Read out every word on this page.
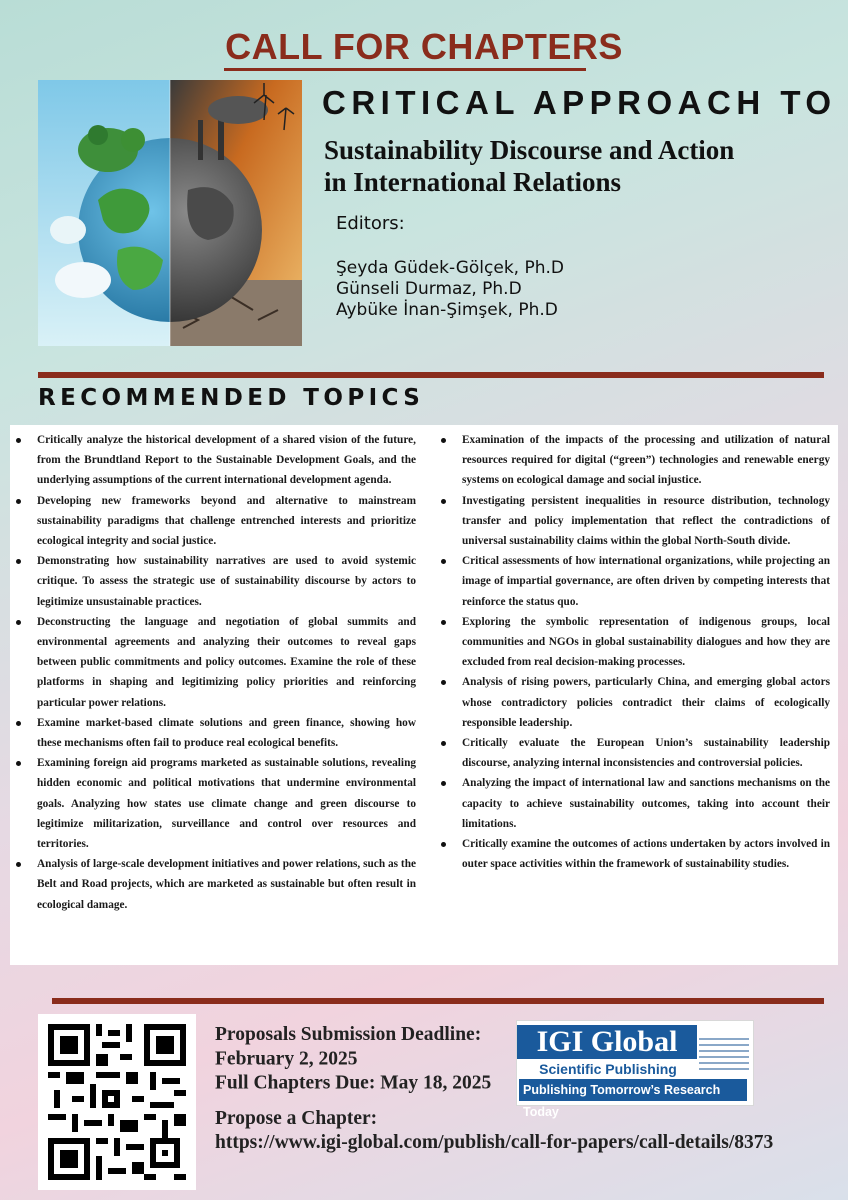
CALL FOR CHAPTERS
CRITICAL APPROACH TO
Sustainability Discourse and Action
in International Relations
Editors:
Şeyda Güdek-Gölçek, Ph.D
Günseli Durmaz, Ph.D
Aybüke İnan-Şimşek, Ph.D
RECOMMENDED TOPICS
Critically analyze the historical development of a shared vision of the future, from the Brundtland Report to the Sustainable Development Goals, and the underlying assumptions of the current international development agenda.
Developing new frameworks beyond and alternative to mainstream sustainability paradigms that challenge entrenched interests and prioritize ecological integrity and social justice.
Demonstrating how sustainability narratives are used to avoid systemic critique. To assess the strategic use of sustainability discourse by actors to legitimize unsustainable practices.
Deconstructing the language and negotiation of global summits and environmental agreements and analyzing their outcomes to reveal gaps between public commitments and policy outcomes. Examine the role of these platforms in shaping and legitimizing policy priorities and reinforcing particular power relations.
Examine market-based climate solutions and green finance, showing how these mechanisms often fail to produce real ecological benefits.
Examining foreign aid programs marketed as sustainable solutions, revealing hidden economic and political motivations that undermine environmental goals. Analyzing how states use climate change and green discourse to legitimize militarization, surveillance and control over resources and territories.
Analysis of large-scale development initiatives and power relations, such as the Belt and Road projects, which are marketed as sustainable but often result in ecological damage.
Examination of the impacts of the processing and utilization of natural resources required for digital (“green”) technologies and renewable energy systems on ecological damage and social injustice.
Investigating persistent inequalities in resource distribution, technology transfer and policy implementation that reflect the contradictions of universal sustainability claims within the global North-South divide.
Critical assessments of how international organizations, while projecting an image of impartial governance, are often driven by competing interests that reinforce the status quo.
Exploring the symbolic representation of indigenous groups, local communities and NGOs in global sustainability dialogues and how they are excluded from real decision-making processes.
Analysis of rising powers, particularly China, and emerging global actors whose contradictory policies contradict their claims of ecologically responsible leadership.
Critically evaluate the European Union’s sustainability leadership discourse, analyzing internal inconsistencies and controversial policies.
Analyzing the impact of international law and sanctions mechanisms on the capacity to achieve sustainability outcomes, taking into account their limitations.
Critically examine the outcomes of actions undertaken by actors involved in outer space activities within the framework of sustainability studies.
Proposals Submission Deadline:
February 2, 2025
Full Chapters Due: May 18, 2025
IGI Global
Scientific Publishing
Publishing Tomorrow’s Research Today
Propose a Chapter:
https://www.igi-global.com/publish/call-for-papers/call-details/8373
